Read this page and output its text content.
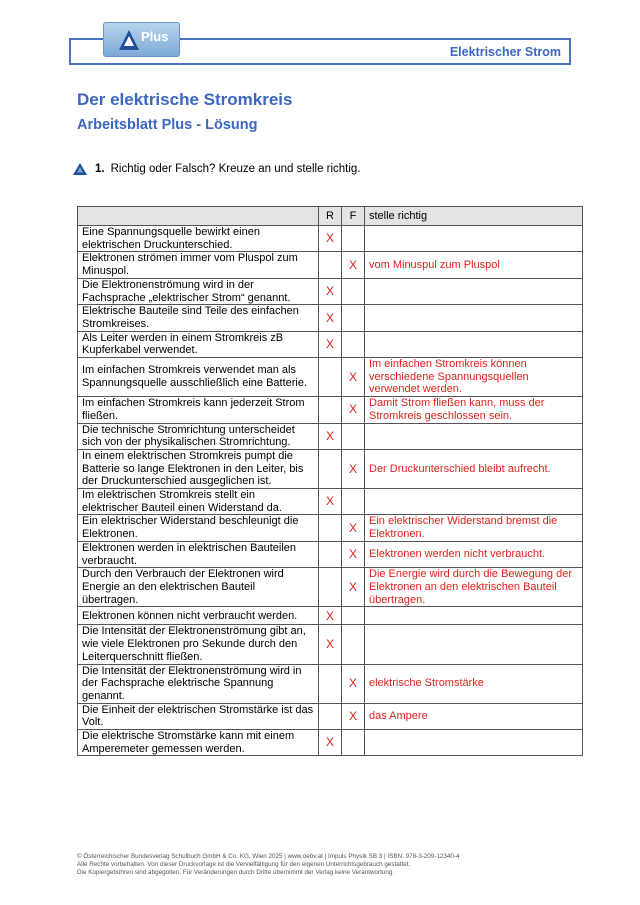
Elektrischer Strom
Plus
Der elektrische Stromkreis
Arbeitsblatt Plus - Lösung
1. Richtig oder Falsch? Kreuze an und stelle richtig.
	R	F	stelle richtig
Eine Spannungsquelle bewirkt einen elektrischen Druckunterschied.	X		
Elektronen strömen immer vom Pluspol zum Minuspol.		X	vom Minuspul zum Pluspol
Die Elektronenströmung wird in der Fachsprache „elektrischer Strom“ genannt.	X		
Elektrische Bauteile sind Teile des einfachen Stromkreises.	X		
Als Leiter werden in einem Stromkreis zB Kupferkabel verwendet.	X		
Im einfachen Stromkreis verwendet man als Spannungsquelle ausschließlich eine Batterie.		X	Im einfachen Stromkreis können verschiedene Spannungsquellen verwendet werden.
Im einfachen Stromkreis kann jederzeit Strom fließen.		X	Damit Strom fließen kann, muss der Stromkreis geschlossen sein.
Die technische Stromrichtung unterscheidet sich von der physikalischen Stromrichtung.	X		
In einem elektrischen Stromkreis pumpt die Batterie so lange Elektronen in den Leiter, bis der Druckunterschied ausgeglichen ist.		X	Der Druckunterschied bleibt aufrecht.
Im elektrischen Stromkreis stellt ein elektrischer Bauteil einen Widerstand da.	X		
Ein elektrischer Widerstand beschleunigt die Elektronen.		X	Ein elektrischer Widerstand bremst die Elektronen.
Elektronen werden in elektrischen Bauteilen verbraucht.		X	Elektronen werden nicht verbraucht.
Durch den Verbrauch der Elektronen wird Energie an den elektrischen Bauteil übertragen.		X	Die Energie wird durch die Bewegung der Elektronen an den elektrischen Bauteil übertragen.
Elektronen können nicht verbraucht werden.	X		
Die Intensität der Elektronenströmung gibt an, wie viele Elektronen pro Sekunde durch den Leiterquerschnitt fließen.	X		
Die Intensität der Elektronenströmung wird in der Fachsprache elektrische Spannung genannt.		X	elektrische Stromstärke
Die Einheit der elektrischen Stromstärke ist das Volt.		X	das Ampere
Die elektrische Stromstärke kann mit einem Amperemeter gemessen werden.	X		
© Österreichischer Bundesverlag Schulbuch GmbH & Co. KG, Wien 2025 | www.oebv.at | Impuls Physik SB 3 | ISBN: 978-3-209-12340-4
Alle Rechte vorbehalten. Von dieser Druckvorlage ist die Vervielfältigung für den eigenen Unterrichtsgebrauch gestattet.
Die Kopiergebühren sind abgegolten. Für Veränderungen durch Dritte übernimmt der Verlag keine Verantwortung.
